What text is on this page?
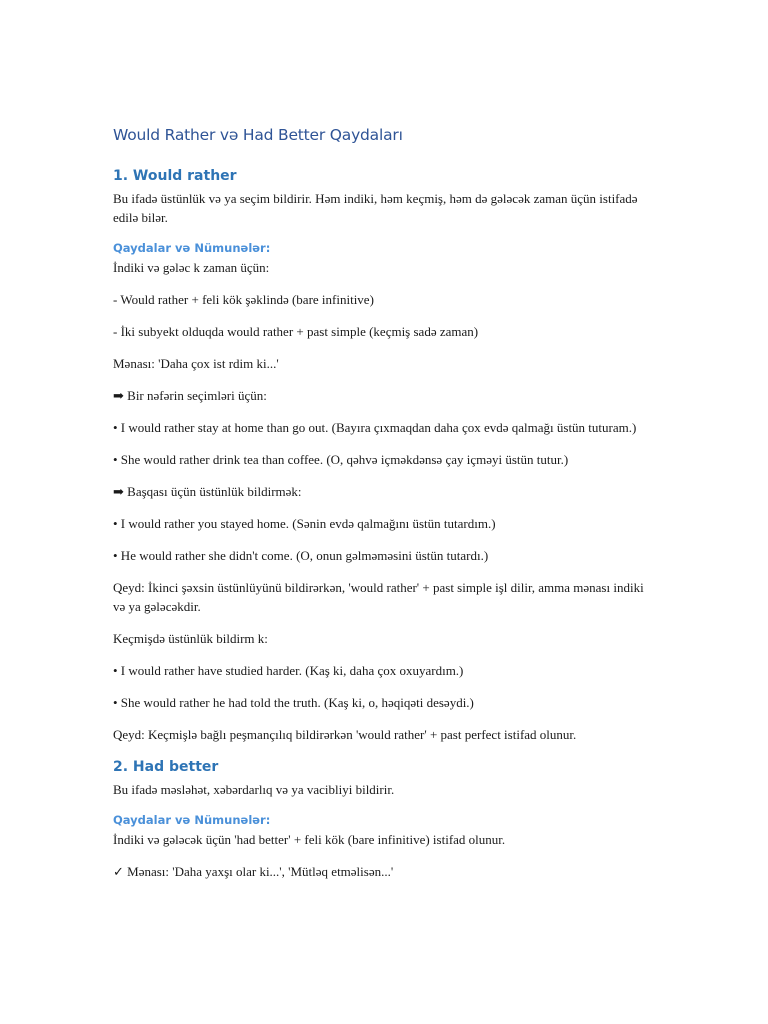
Would Rather və Had Better Qaydaları
1. Would rather

Bu ifadə üstünlük və ya seçim bildirir. Həm indiki, həm keçmiş, həm də gələcək zaman üçün istifadə edilə bilər.

Qaydalar və Nümunələr:

İndiki və gələc k zaman üçün:

- Would rather + feli kök şəklində (bare infinitive)

- İki subyekt olduqda would rather + past simple (keçmiş sadə zaman)

Mənası: 'Daha çox ist rdim ki...'

➡ Bir nəfərin seçimləri üçün:

• I would rather stay at home than go out. (Bayıra çıxmaqdan daha çox evdə qalmağı üstün tuturam.)

• She would rather drink tea than coffee. (O, qəhvə içməkdənsə çay içməyi üstün tutur.)

➡ Başqası üçün üstünlük bildirmək:

• I would rather you stayed home. (Sənin evdə qalmağını üstün tutardım.)

• He would rather she didn't come. (O, onun gəlməməsini üstün tutardı.)

Qeyd: İkinci şəxsin üstünlüyünü bildirərkən, 'would rather' + past simple işl dilir, amma mənası indiki və ya gələcəkdir.

Keçmişdə üstünlük bildirm k:

• I would rather have studied harder. (Kaş ki, daha çox oxuyardım.)

• She would rather he had told the truth. (Kaş ki, o, həqiqəti desəydi.)

Qeyd: Keçmişlə bağlı peşmançılıq bildirərkən 'would rather' + past perfect istifad olunur.

2. Had better

Bu ifadə məsləhət, xəbərdarlıq və ya vacibliyi bildirir.

Qaydalar və Nümunələr:

İndiki və gələcək üçün 'had better' + feli kök (bare infinitive) istifad olunur.

✓ Mənası: 'Daha yaxşı olar ki...', 'Mütləq etməlisən...'
